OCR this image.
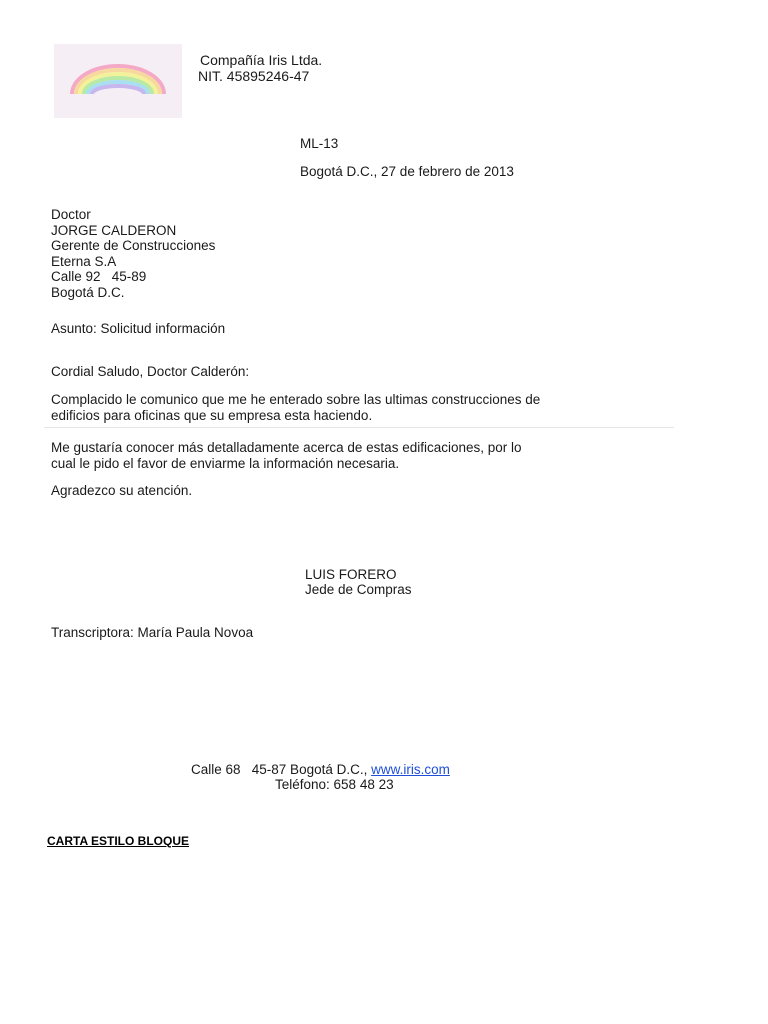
Compañía Iris Ltda.
NIT. 45895246-47
ML-13
Bogotá D.C., 27 de febrero de 2013
Doctor
JORGE CALDERON
Gerente de Construcciones
Eterna S.A
Calle 92   45-89
Bogotá D.C.
Asunto: Solicitud información
Cordial Saludo, Doctor Calderón:
Complacido le comunico que me he enterado sobre las ultimas construcciones de
edificios para oficinas que su empresa esta haciendo.
Me gustaría conocer más detalladamente acerca de estas edificaciones, por lo
cual le pido el favor de enviarme la información necesaria.
Agradezco su atención.
LUIS FORERO
Jede de Compras
Transcriptora: María Paula Novoa
Calle 68   45-87 Bogotá D.C., www.iris.com
Teléfono: 658 48 23
CARTA ESTILO BLOQUE
